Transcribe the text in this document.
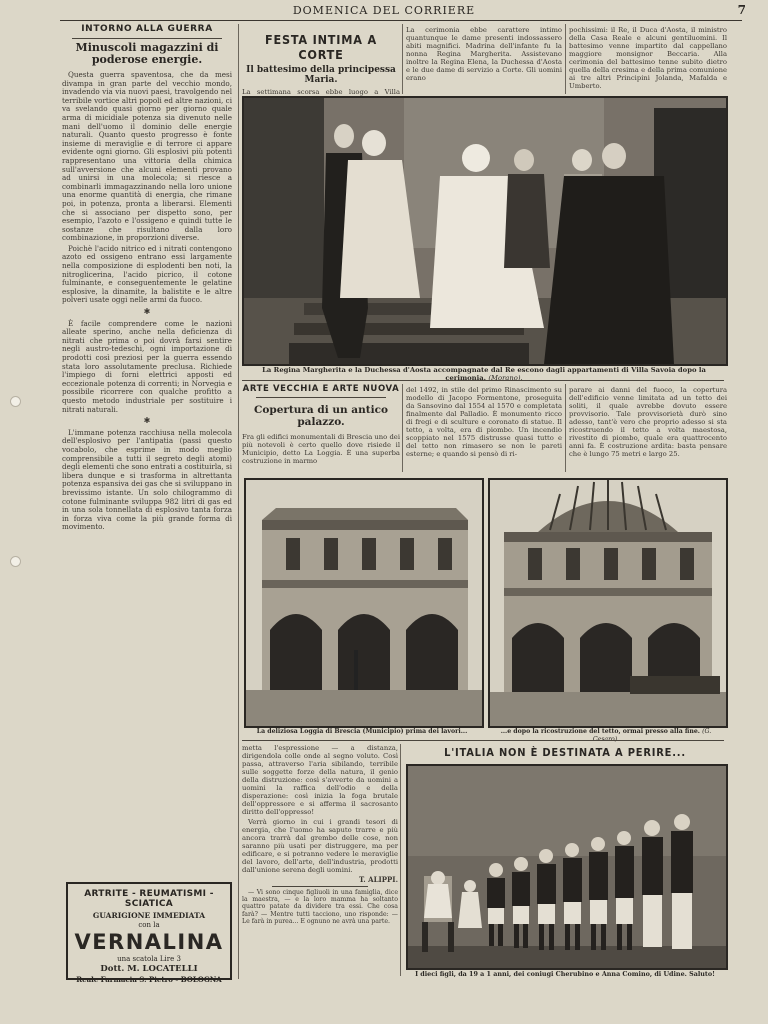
DOMENICA DEL CORRIERE	7
INTORNO ALLA GUERRA
Minuscoli magazzini di poderose energie.

Questa guerra spaventosa, che da mesi divampa in gran parte del vecchio mondo, invadendo via via nuovi paesi, travolgendo nel terribile vortice altri popoli ed altre nazioni, ci va svelando quasi giorno per giorno quale arma di micidiale potenza sia divenuto nelle mani dell'uomo il dominio delle energie naturali. Quanto questo progresso è fonte insieme di meraviglie e di terrore ci appare evidente ogni giorno. Gli esplosivi più potenti rappresentano una vittoria della chimica sull'avversione che alcuni elementi provano ad unirsi in una molecola; si riesce a combinarli immagazzinando nella loro unione una enorme quantità di energia, che rimane poi, in potenza, pronta a liberarsi. Elementi che si associano per dispetto sono, per esempio, l'azoto e l'ossigeno e quindi tutte le sostanze che risultano dalla loro combinazione, in proporzioni diverse.

Poichè l'acido nitrico ed i nitrati contengono azoto ed ossigeno entrano essi largamente nella composizione di esplodenti ben noti, la nitroglicerina, l'acido picrico, il cotone fulminante, e conseguentemente le gelatine esplosive, la dinamite, la balistite e le altre polveri usate oggi nelle armi da fuoco.

✱

È facile comprendere come le nazioni alleate sperino, anche nella deficienza di nitrati che prima o poi dovrà farsi sentire negli austro-tedeschi, ogni importazione di prodotti così preziosi per la guerra essendo stata loro assolutamente preclusa. Richiede l'impiego di forni elettrici apposti ed eccezionale potenza di correnti; in Norvegia e possibile ricorrere con qualche profitto a questo metodo industriale per sostituire i nitrati naturali.

✱

L'immane potenza racchiusa nella molecola dell'esplosivo per l'antipatia (passi questo vocabolo, che esprime in modo meglio comprensibile a tutti il segreto degli atomi) degli elementi che sono entrati a costituirla, si libera dunque e si trasforma in altrettanta potenza espansiva dei gas che si sviluppano in brevissimo istante. Un solo chilogrammo di cotone fulminante sviluppa 982 litri di gas ed in una sola tonnellata di esplosivo tanta forza in forza viva come la più grande forma di movimento.

ARTRITE - REUMATISMI - SCIATICA
GUARIGIONE IMMEDIATA
con la
VERNALINA
una scatola Lire 3
Dott. M. LOCATELLI
Reale Farmacia S. Pietro - BOLOGNA
FESTA INTIMA A CORTE
Il battesimo della principessa Maria.
La settimana scorsa ebbe luogo a Villa
La cerimonia ebbe carattere intimo quantunque le dame presenti indossassero abiti magnifici. Madrina dell'infante fu la nonna Regina Margherita. Assistevano inoltre la Regina Elena, la Duchessa d'Aosta e le due dame di servizio a Corte. Gli uomini erano
pochissimi: il Re, il Duca d'Aosta, il ministro della Casa Reale e alcuni gentiluomini. Il battesimo venne impartito dal cappellano maggiore monsignor Beccaria. Alla cerimonia del battesimo tenne subito dietro quella della cresima e della prima comunione ai tre altri Principini Jolanda, Mafalda e Umberto.
La Regina Margherita e la Duchessa d'Aosta accompagnate dal Re escono dagli appartamenti di Villa Savoia dopo la cerimonia. (Morano).
ARTE VECCHIA E ARTE NUOVA
Copertura di un antico palazzo.
Fra gli edifici monumentali di Brescia uno dei più notevoli è certo quello dove risiede il Municipio, detto La Loggia. È una superba costruzione in marmo
del 1492, in stile del primo Rinascimento su modello di Jacopo Formentone, proseguita da Sansovino dal 1554 al 1570 e completata finalmente dal Palladio. È monumento ricco di fregi e di sculture e coronato di statue. Il tetto, a volta, era di piombo. Un incendio scoppiato nel 1575 distrusse quasi tutto e del tetto non rimasero se non le pareti esterne; e quando si pensò di ri-
parare ai danni del fuoco, la copertura dell'edificio venne limitata ad un tetto dei soliti, il quale avrebbe dovuto essere provvisorio. Tale provvisorietà durò sino adesso, tant'è vero che proprio adesso si sta ricostruendo il tetto a volta maestosa, rivestito di piombo, quale era quattrocento anni fa. È costruzione ardita: basta pensare che è lungo 75 metri e largo 25.
La deliziosa Loggia di Brescia (Municipio) prima dei lavori...	...e dopo la ricostruzione del tetto, ormai presso alla fine. (G. Cesaro).

metta l'espressione — a distanza, dirigendola colle onde al segno voluto. Così passa, attraverso l'aria sibilando, terribile sulle soggette forze della natura, il genio della distruzione: così s'avverte da uomini a uomini la raffica dell'odio e della disperazione: così inizia la foga brutale dell'oppressore e si afferma il sacrosanto diritto dell'oppresso!

Verrà giorno in cui i grandi tesori di energia, che l'uomo ha saputo trarre e più ancora trarrà dal grembo delle cose, non saranno più usati per distruggere, ma per edificare, e si potranno vedere le meraviglie del lavoro, dell'arte, dell'industria, prodotti dall'unione serena degli uomini.

T. ALIPPI.

— Vi sono cinque figliuoli in una famiglia, dice la maestra, — e la loro mamma ha soltanto quattro patate da dividere tra essi. Che cosa farà? — Mentre tutti tacciono, uno risponde: — Le farà in purea... E ognuno ne avrà una parte.

L'ITALIA NON È DESTINATA A PERIRE...
I dieci figli, da 19 a 1 anni, dei coniugi Cherubino e Anna Comino, di Udine. Saluto!
